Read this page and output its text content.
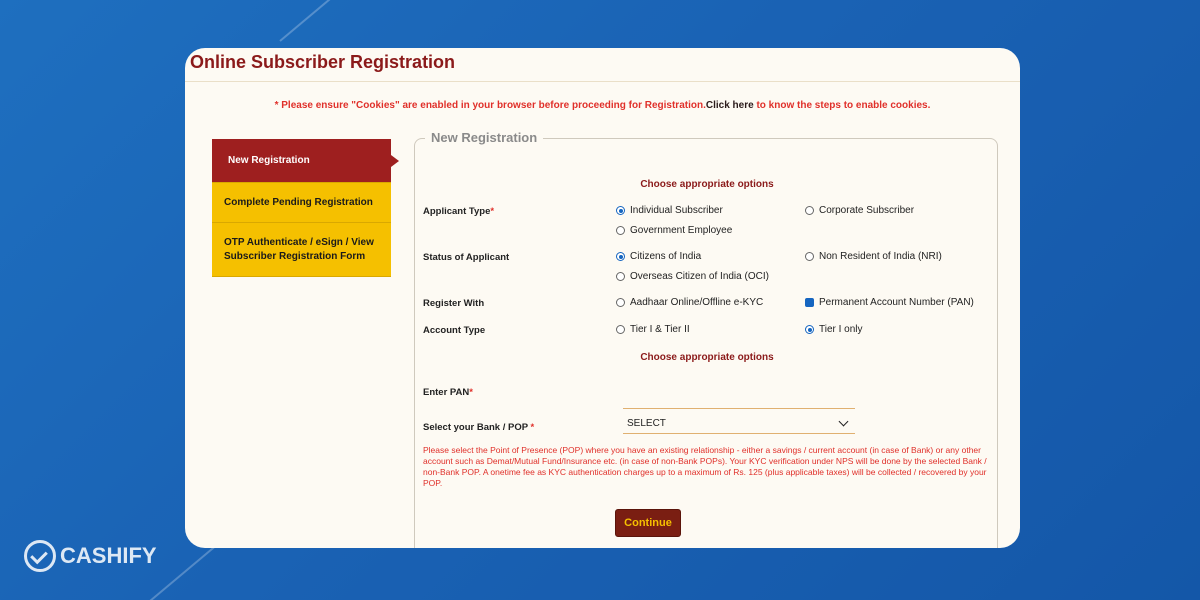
Online Subscriber Registration
* Please ensure "Cookies" are enabled in your browser before proceeding for Registration.Click here to know the steps to enable cookies.
New Registration
Complete Pending Registration
OTP Authenticate / eSign / View Subscriber Registration Form
New Registration
Choose appropriate options
Applicant Type*	Individual Subscriber	Corporate Subscriber
Government Employee
Status of Applicant	Citizens of India	Non Resident of India (NRI)
Overseas Citizen of India (OCI)
Register With	Aadhaar Online/Offline e-KYC	Permanent Account Number (PAN)
Account Type	Tier I & Tier II	Tier I only
Choose appropriate options
Enter PAN*
Select your Bank / POP *	SELECT
Please select the Point of Presence (POP) where you have an existing relationship - either a savings / current account (in case of Bank) or any other account such as Demat/Mutual Fund/Insurance etc. (in case of non-Bank POPs). Your KYC verification under NPS will be done by the selected Bank / non-Bank POP. A onetime fee as KYC authentication charges up to a maximum of Rs. 125 (plus applicable taxes) will be collected / recovered by your POP.
Continue
CASHIFY
